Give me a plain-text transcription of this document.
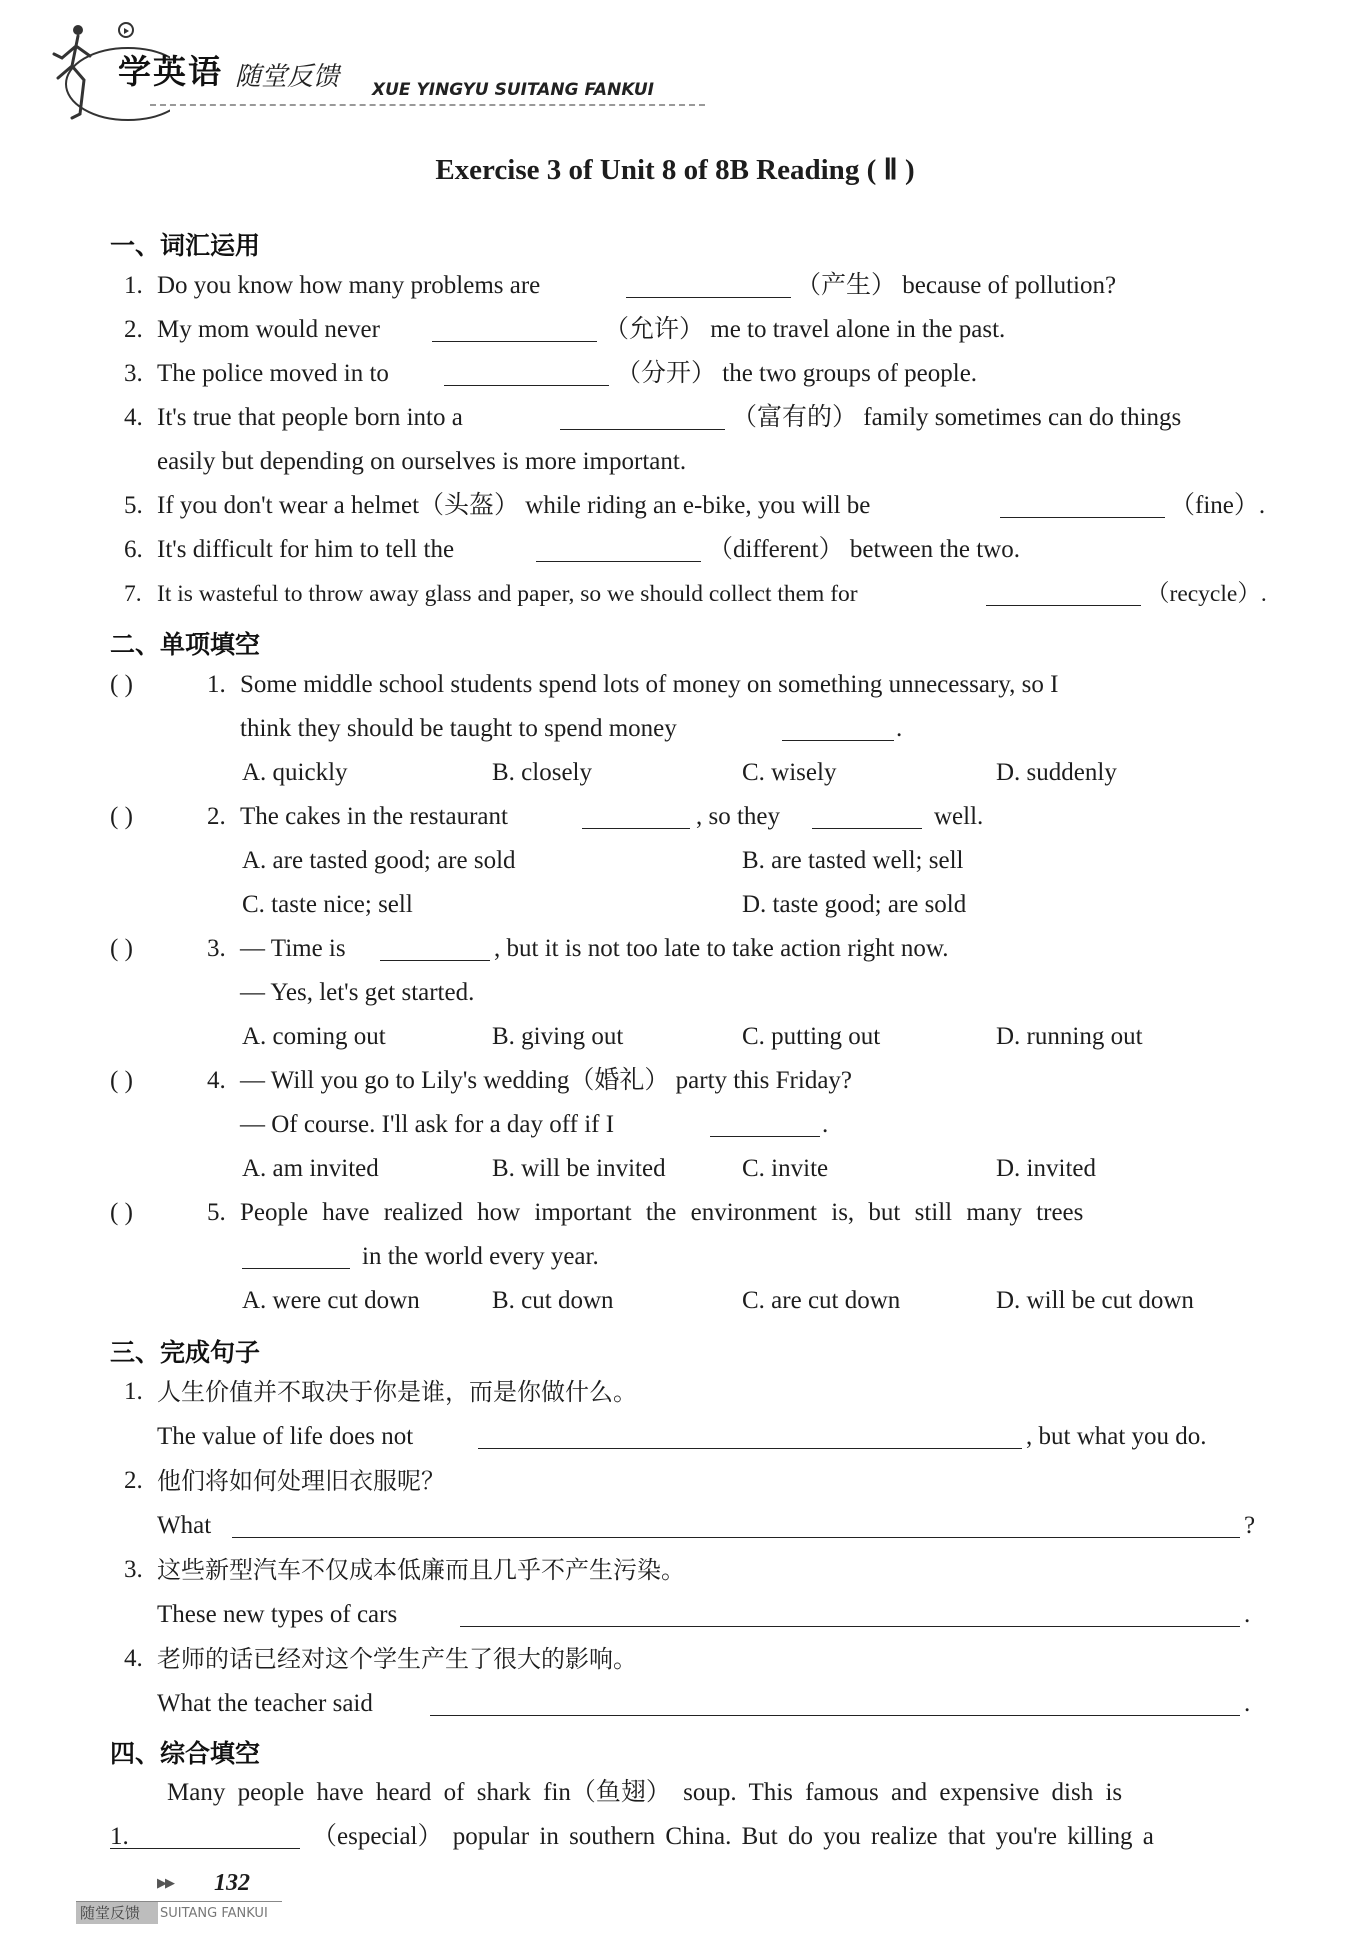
学英语 随堂反馈 XUE YINGYU SUITANG FANKUI
Exercise 3 of Unit 8 of 8B Reading ( Ⅱ )
一、词汇运用
1. Do you know how many problems are	（产生） because of pollution?
2. My mom would never	（允许） me to travel alone in the past.
3. The police moved in to	（分开） the two groups of people.
4. It's true that people born into a	（富有的） family sometimes can do things
easily but depending on ourselves is more important.
5. If you don't wear a helmet（头盔） while riding an e-bike, you will be	（fine）.
6. It's difficult for him to tell the	（different） between the two.
7. It is wasteful to throw away glass and paper, so we should collect them for	（recycle）.
二、单项填空
( )	1. Some middle school students spend lots of money on something unnecessary, so I
think they should be taught to spend money	.
A. quickly	B. closely	C. wisely	D. suddenly
( )	2. The cakes in the restaurant	, so they	well.
A. are tasted good; are sold	B. are tasted well; sell
C. taste nice; sell	D. taste good; are sold
( )	3. — Time is	, but it is not too late to take action right now.
— Yes, let's get started.
A. coming out	B. giving out	C. putting out	D. running out
( )	4. — Will you go to Lily's wedding（婚礼） party this Friday?
— Of course. I'll ask for a day off if I	.
A. am invited	B. will be invited	C. invite	D. invited
( )	5. People have realized how important the environment is, but still many trees
in the world every year.
A. were cut down	B. cut down	C. are cut down	D. will be cut down
三、完成句子
1. 人生价值并不取决于你是谁，而是你做什么。
The value of life does not	, but what you do.
2. 他们将如何处理旧衣服呢？
What	?
3. 这些新型汽车不仅成本低廉而且几乎不产生污染。
These new types of cars	.
4. 老师的话已经对这个学生产生了很大的影响。
What the teacher said	.
四、综合填空
Many people have heard of shark fin（鱼翅） soup. This famous and expensive dish is
1.	（especial） popular in southern China. But do you realize that you're killing a
▶▶ 132
随堂反馈 SUITANG FANKUI
